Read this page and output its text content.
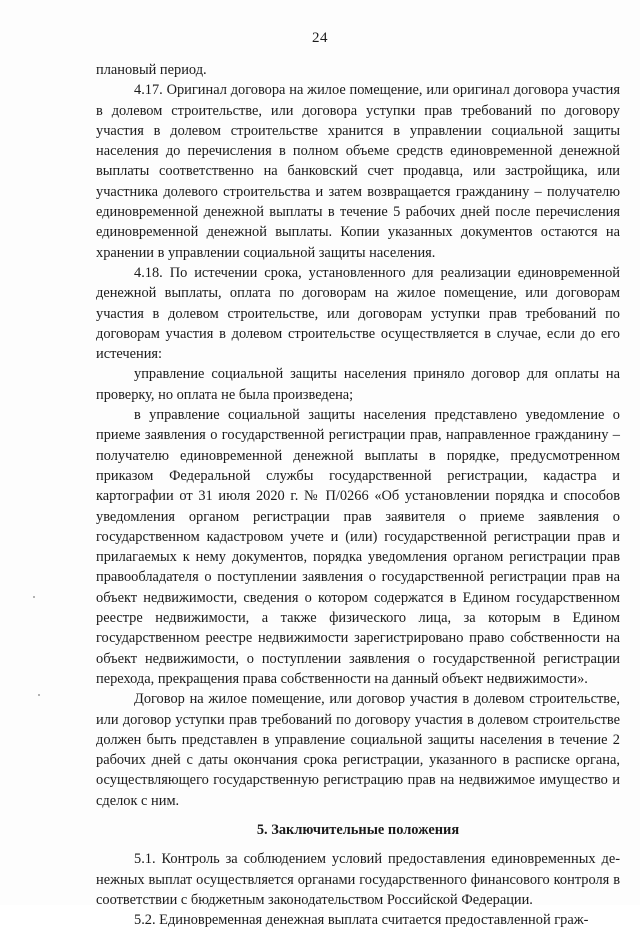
24

плановый период.

4.17. Оригинал договора на жилое помещение, или оригинал договора участия в долевом строительстве, или договора уступки прав требований по договору участия в долевом строительстве хранится в управлении социальной защиты населения до перечисления в полном объеме средств единовременной денежной выплаты соответственно на банковский счет продавца, или застройщика, или участника долевого строительства и затем возвращается гражданину – получателю единовременной денежной выплаты в течение 5 рабочих дней после перечисления единовременной денежной выплаты. Копии указанных документов остаются на хранении в управлении социальной защиты населения.

4.18. По истечении срока, установленного для реализации единовременной денежной выплаты, оплата по договорам на жилое помещение, или договорам участия в долевом строительстве, или договорам уступки прав требований по договорам участия в долевом строительстве осуществляется в случае, если до его истечения:

управление социальной защиты населения приняло договор для оплаты на проверку, но оплата не была произведена;

в управление социальной защиты населения представлено уведомление о приеме заявления о государственной регистрации прав, направленное гражданину – получателю единовременной денежной выплаты в порядке, предусмотренном приказом Федеральной службы государственной регистрации, кадастра и картографии от 31 июля 2020 г. № П/0266 «Об установлении порядка и способов уведомления органом регистрации прав заявителя о приеме заявления о государственном кадастровом учете и (или) государственной регистрации прав и прилагаемых к нему документов, порядка уведомления органом регистрации прав правообладателя о поступлении заявления о государственной регистрации прав на объект недвижимости, сведения о котором содержатся в Едином государственном реестре недвижимости, а также физического лица, за которым в Едином государственном реестре недвижимости зарегистрировано право собственности на объект недвижимости, о поступлении заявления о государственной регистрации перехода, прекращения права собственности на данный объект недвижимости».

Договор на жилое помещение, или договор участия в долевом строительстве, или договор уступки прав требований по договору участия в долевом строительстве должен быть представлен в управление социальной защиты населения в течение 2 рабочих дней с даты окончания срока регистрации, указанного в расписке органа, осуществляющего государственную регистрацию прав на недвижимое имущество и сделок с ним.

5. Заключительные положения

5.1. Контроль за соблюдением условий предоставления единовременных денежных выплат осуществляется органами государственного финансового контроля в соответствии с бюджетным законодательством Российской Федерации.

5.2. Единовременная денежная выплата считается предоставленной граж-
